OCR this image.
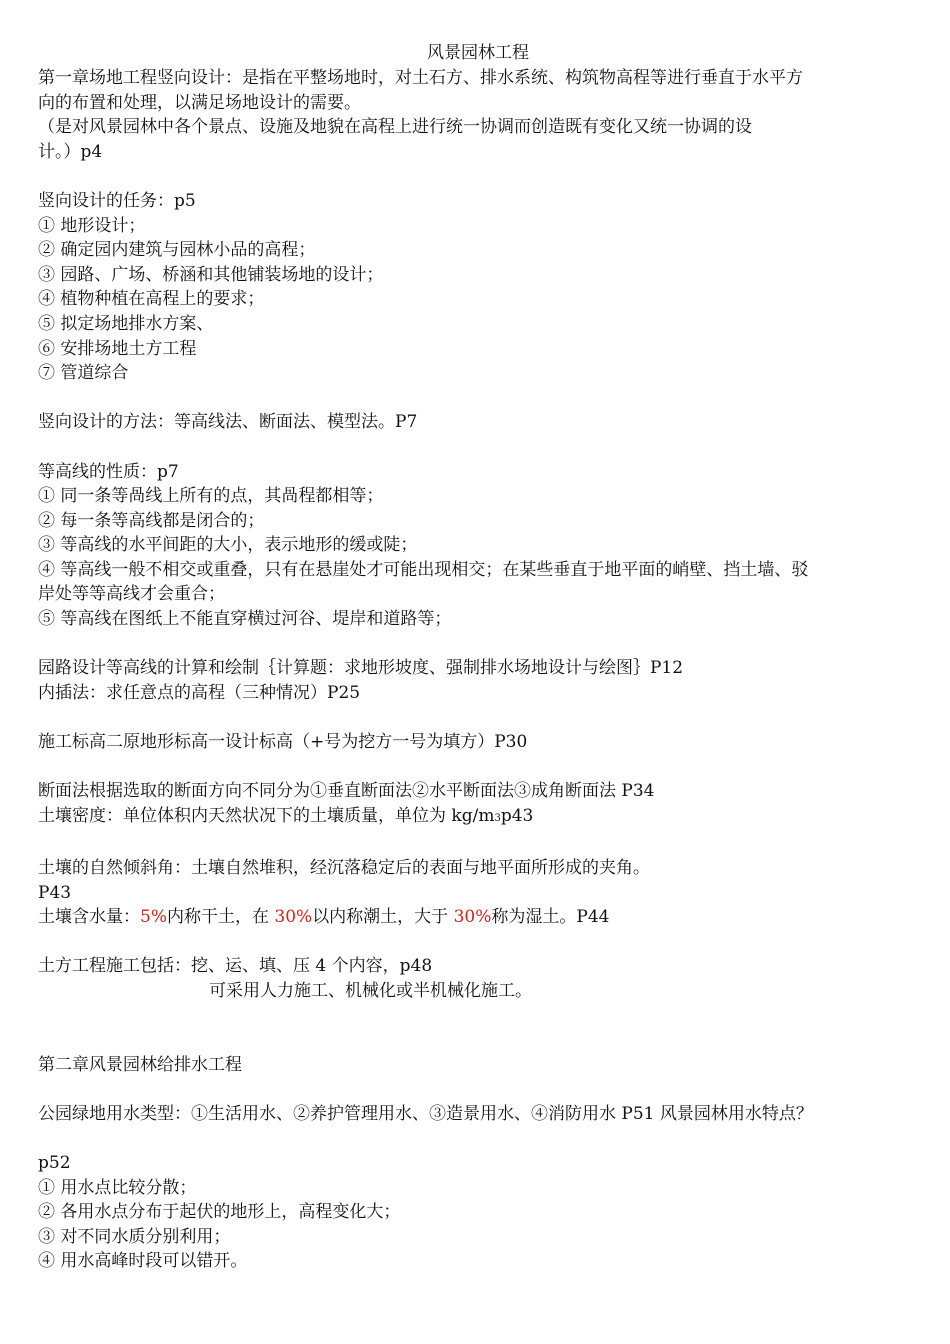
风景园林工程
第一章场地工程竖向设计：是指在平整场地时，对土石方、排水系统、构筑物高程等进行垂直于水平方
向的布置和处理，以满足场地设计的需要。
（是对风景园林中各个景点、设施及地貌在高程上进行统一协调而创造既有变化又统一协调的设
计。）p4
竖向设计的任务：p5
① 地形设计；
② 确定园内建筑与园林小品的高程；
③ 园路、广场、桥涵和其他铺装场地的设计；
④ 植物种植在高程上的要求；
⑤ 拟定场地排水方案、
⑥ 安排场地土方工程
⑦ 管道综合
竖向设计的方法：等高线法、断面法、模型法。P7
等高线的性质：p7
① 同一条等咼线上所有的点，其咼程都相等；
② 每一条等高线都是闭合的；
③ 等高线的水平间距的大小，表示地形的缓或陡；
④ 等高线一般不相交或重叠，只有在悬崖处才可能出现相交；在某些垂直于地平面的峭壁、挡土墙、驳
岸处等等高线才会重合；
⑤ 等高线在图纸上不能直穿横过河谷、堤岸和道路等；
园路设计等高线的计算和绘制｛计算题：求地形坡度、强制排水场地设计与绘图｝P12
内插法：求任意点的高程（三种情况）P25
施工标高二原地形标高一设计标高（+号为挖方一号为填方）P30
断面法根据选取的断面方向不同分为①垂直断面法②水平断面法③成角断面法 P34
土壤密度：单位体积内天然状况下的土壤质量，单位为 kg/m3p43
土壤的自然倾斜角：土壤自然堆积，经沉落稳定后的表面与地平面所形成的夹角。
P43
土壤含水量：5%内称干土，在 30%以内称潮土，大于 30%称为湿土。P44
土方工程施工包括：挖、运、填、压 4 个内容，p48
可采用人力施工、机械化或半机械化施工。
第二章风景园林给排水工程
公园绿地用水类型：①生活用水、②养护管理用水、③造景用水、④消防用水 P51 风景园林用水特点？
p52
① 用水点比较分散；
② 各用水点分布于起伏的地形上，高程变化大；
③ 对不同水质分别利用；
④ 用水高峰时段可以错开。
